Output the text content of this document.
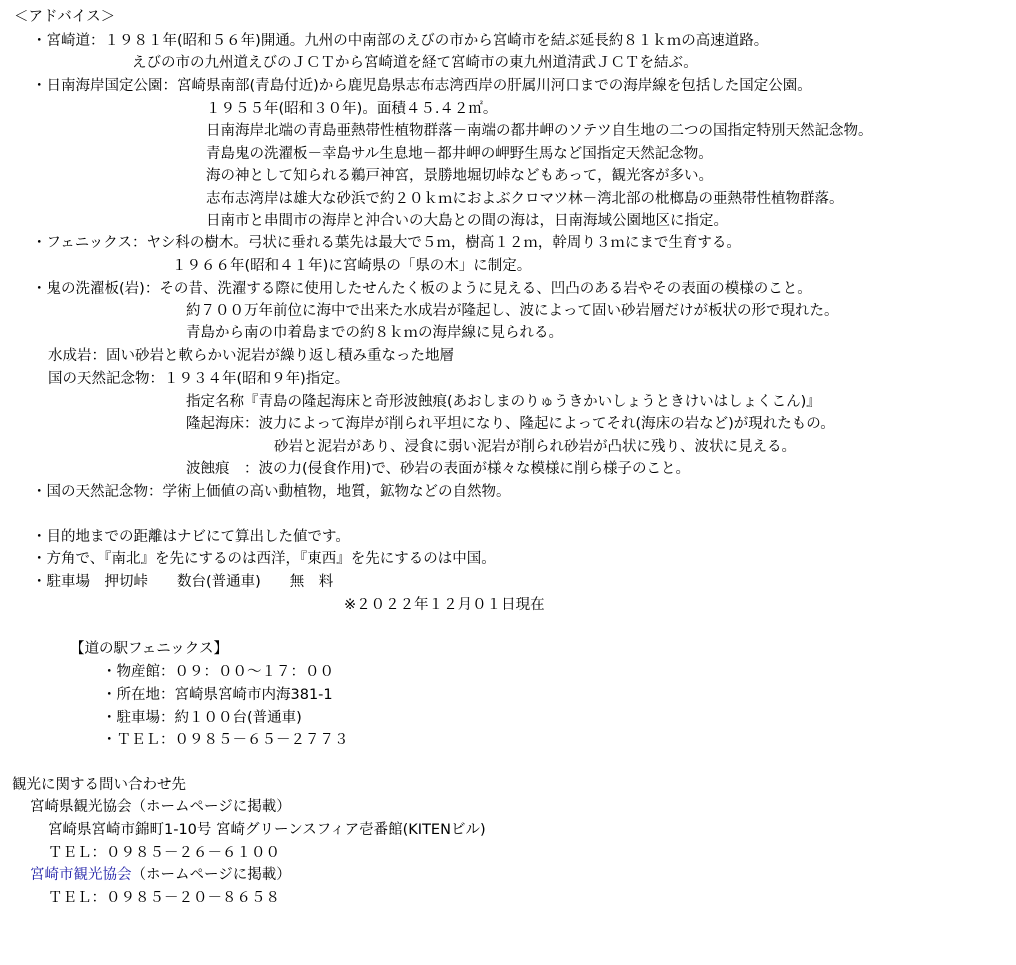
＜アドバイス＞
・宮崎道：１９８１年(昭和５６年)開通。九州の中南部のえびの市から宮崎市を結ぶ延長約８１ｋｍの高速道路。
えびの市の九州道えびのＪＣＴから宮崎道を経て宮崎市の東九州道清武ＪＣＴを結ぶ。
・日南海岸国定公園：宮崎県南部(青島付近)から鹿児島県志布志湾西岸の肝属川河口までの海岸線を包括した国定公園。
１９５５年(昭和３０年)。面積４５.４２㎡。
日南海岸北端の青島亜熱帯性植物群落－南端の都井岬のソテツ自生地の二つの国指定特別天然記念物。
青島鬼の洗濯板－幸島サル生息地－都井岬の岬野生馬など国指定天然記念物。
海の神として知られる鵜戸神宮，景勝地堀切峠などもあって，観光客が多い。
志布志湾岸は雄大な砂浜で約２０ｋｍにおよぶクロマツ林－湾北部の枇榔島の亜熱帯性植物群落。
日南市と串間市の海岸と沖合いの大島との間の海は，日南海域公園地区に指定。
・フェニックス：ヤシ科の樹木。弓状に垂れる葉先は最大で５ｍ，樹高１２ｍ，幹周り３ｍにまで生育する。
１９６６年(昭和４１年)に宮崎県の「県の木」に制定。
・鬼の洗濯板(岩)：その昔、洗濯する際に使用したせんたく板のように見える、凹凸のある岩やその表面の模様のこと。
約７００万年前位に海中で出来た水成岩が隆起し、波によって固い砂岩層だけが板状の形で現れた。
青島から南の巾着島までの約８ｋｍの海岸線に見られる。
水成岩：固い砂岩と軟らかい泥岩が繰り返し積み重なった地層
国の天然記念物：１９３４年(昭和９年)指定。
指定名称『青島の隆起海床と奇形波蝕痕(あおしまのりゅうきかいしょうときけいはしょくこん)』
隆起海床：波力によって海岸が削られ平坦になり、隆起によってそれ(海床の岩など)が現れたもの。
砂岩と泥岩があり、浸食に弱い泥岩が削られ砂岩が凸状に残り、波状に見える。
波蝕痕　：波の力(侵食作用)で、砂岩の表面が様々な模様に削ら様子のこと。
・国の天然記念物：学術上価値の高い動植物，地質，鉱物などの自然物。
・目的地までの距離はナビにて算出した値です。
・方角で、『南北』を先にするのは西洋，『東西』を先にするのは中国。
・駐車場　押切峠　　数台(普通車)　　無　料
※２０２２年１２月０１日現在
【道の駅フェニックス】
・物産館：０９：００～１７：００
・所在地：宮崎県宮崎市内海381-1
・駐車場：約１００台(普通車)
・ＴＥＬ：０９８５－６５－２７７３
観光に関する問い合わせ先
宮崎県観光協会（ホームページに掲載）
宮崎県宮崎市錦町1-10号 宮崎グリーンスフィア壱番館(KITENビル)
ＴＥＬ：０９８５－２６－６１００
宮崎市観光協会（ホームページに掲載）
ＴＥＬ：０９８５－２０－８６５８
